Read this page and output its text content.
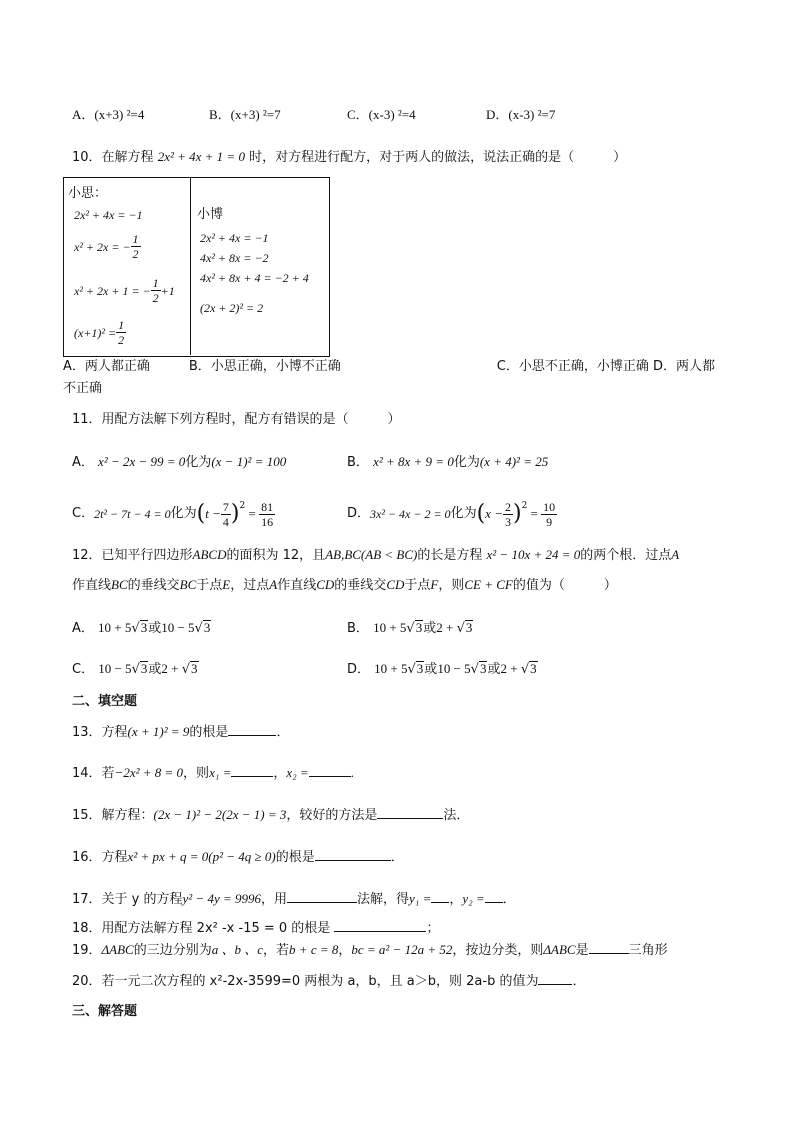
A．(x+3) ²=4	B．(x+3) ²=7	C．(x-3) ²=4	D．(x-3) ²=7
10．在解方程 2x² + 4x + 1 = 0 时，对方程进行配方，对于两人的做法，说法正确的是（　　　）
小思：
2x² + 4x = −1
x² + 2x = − $\frac{1}{2}$
x² + 2x + 1 = − $\frac{1}{2} +1$
$(x+1)^2 = \frac{1}{2}$
小博
2x² + 4x = −1
4x² + 8x = −2
4x² + 8x + 4 = −2 + 4
(2x + 2)² = 2
A．两人都正确　　　B．小思正确，小博不正确　　　　　　　　　　　　C．小思不正确，小博正确 D．两人都
不正确
11．用配方法解下列方程时，配方有错误的是（　　　）
A． x² − 2x − 99 = 0化为(x − 1)² = 100	B． x² + 8x + 9 = 0化为(x + 4)² = 25
C． 2t² − 7t − 4 = 0 化为 ( $t - \frac{7}{4}$ ) $2 = \frac{81}{16}$	D． 3x² − 4x − 2 = 0 化为 ( $x - \frac{2}{3}$ ) $2 = \frac{10}{9}$
12．已知平行四边形ABCD的面积为 12，且AB,BC(AB < BC)的长是方程 x² − 10x + 24 = 0的两个根．过点A
作直线BC的垂线交BC于点E，过点A作直线CD的垂线交CD于点F，则CE + CF的值为（　　　）
A． 10 + 5√3或10 − 5√3	B． 10 + 5√3或2 + √3
C． 10 − 5√3或2 + √3	D． 10 + 5√3或10 − 5√3或2 + √3
二、填空题
13．方程(x + 1)² = 9的根是	．
14．若−2x² + 8 = 0，则x₁ =	，x₂ =	.
15．解方程：(2x − 1)² − 2(2x − 1) = 3，较好的方法是	法．
16．方程x² + px + q = 0(p² − 4q ≥ 0)的根是	．
17．关于 y 的方程y² − 4y = 9996，用	法解，得y₁ = ，y₂ = ．
18．用配方法解方程 2x² -x -15 = 0 的根是	；
19．ΔABC的三边分别为a 、b 、c，若b + c = 8，bc = a² − 12a + 52，按边分类，则ΔABC是	三角形
20．若一元二次方程的 x²-2x-3599=0 两根为 a，b，且 a＞b，则 2a-b 的值为	．
三、解答题
